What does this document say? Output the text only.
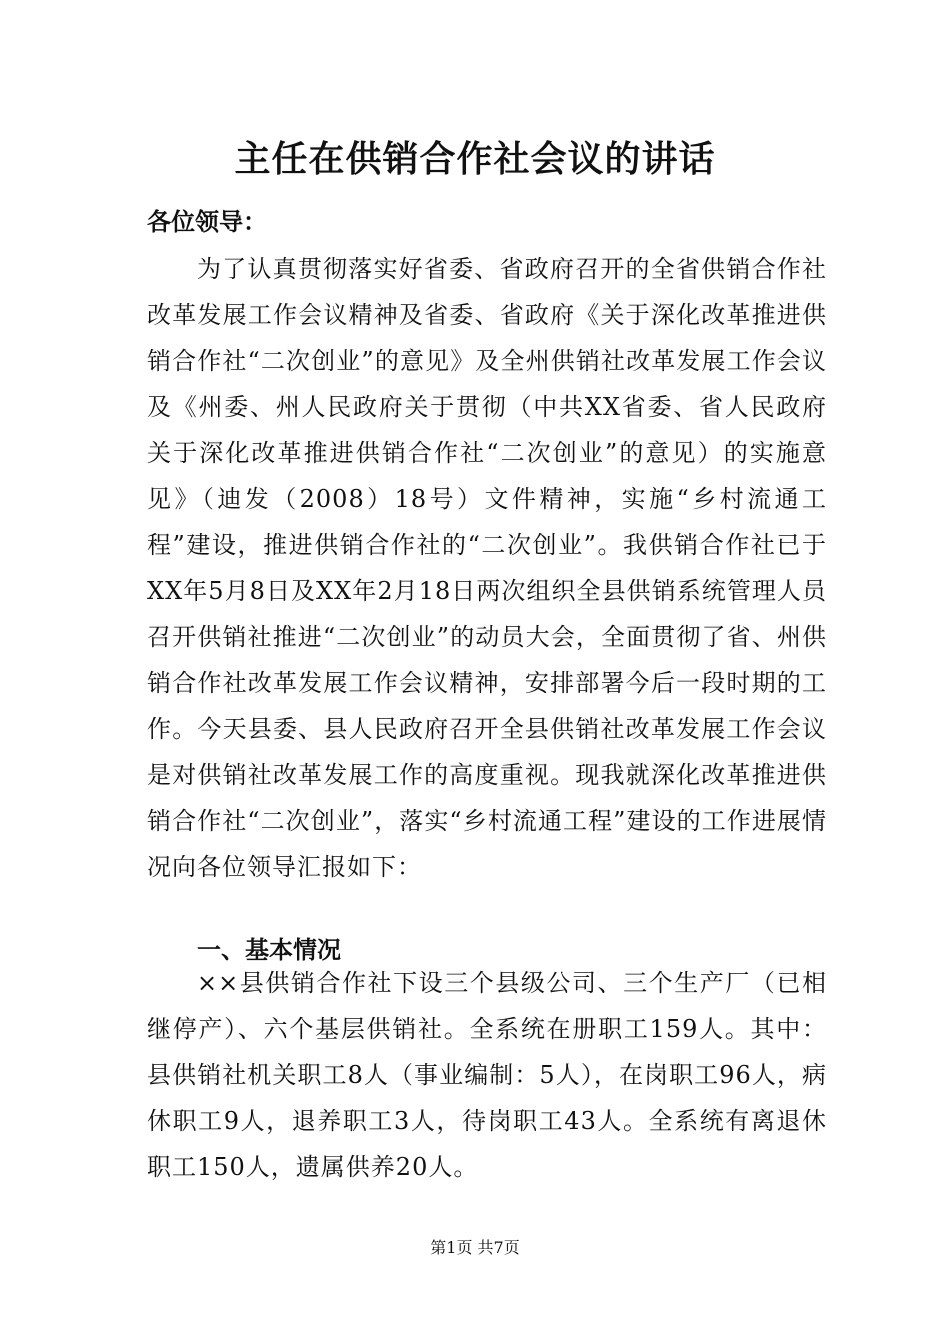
主任在供销合作社会议的讲话

各位领导：

为了认真贯彻落实好省委、省政府召开的全省供销合作社改革发展工作会议精神及省委、省政府《关于深化改革推进供销合作社“二次创业”的意见》及全州供销社改革发展工作会议及《州委、州人民政府关于贯彻（中共XX省委、省人民政府关于深化改革推进供销合作社“二次创业”的意见）的实施意见》（迪发（2008）18号）文件精神，实施“乡村流通工程”建设，推进供销合作社的“二次创业”。我供销合作社已于XX年5月8日及XX年2月18日两次组织全县供销系统管理人员召开供销社推进“二次创业”的动员大会，全面贯彻了省、州供销合作社改革发展工作会议精神，安排部署今后一段时期的工作。今天县委、县人民政府召开全县供销社改革发展工作会议是对供销社改革发展工作的高度重视。现我就深化改革推进供销合作社“二次创业”，落实“乡村流通工程”建设的工作进展情况向各位领导汇报如下：

一、基本情况

××县供销合作社下设三个县级公司、三个生产厂（已相继停产）、六个基层供销社。全系统在册职工159人。其中：县供销社机关职工8人（事业编制：5人），在岗职工96人，病休职工9人，退养职工3人，待岗职工43人。全系统有离退休职工150人，遗属供养20人。

第1页 共7页
